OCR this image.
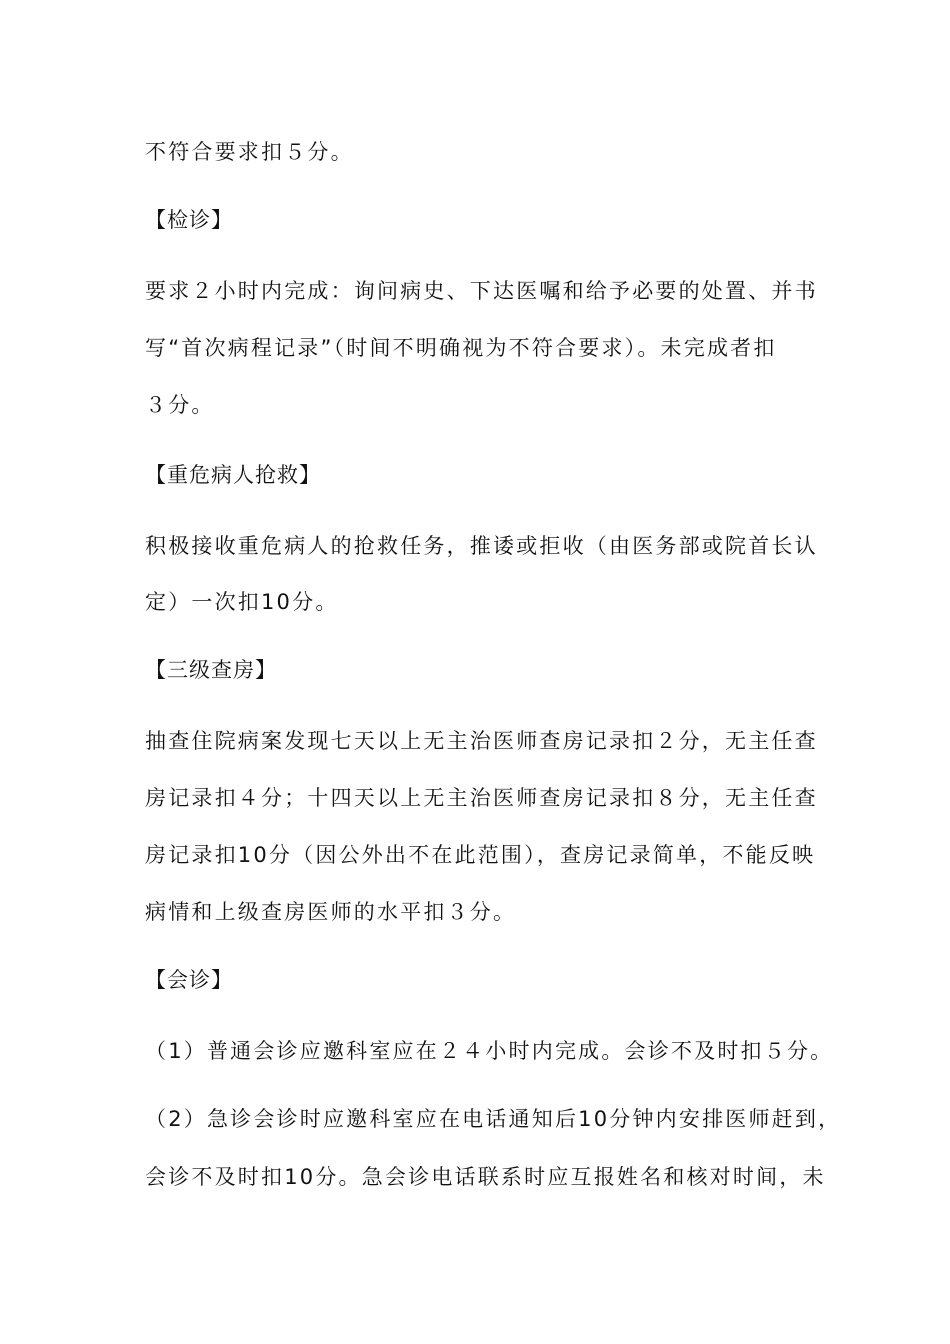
不符合要求扣５分。
【检诊】
要求２小时内完成：询问病史、下达医嘱和给予必要的处置、并书
写“首次病程记录”（时间不明确视为不符合要求）。未完成者扣
３分。
【重危病人抢救】
积极接收重危病人的抢救任务，推诿或拒收（由医务部或院首长认
定）一次扣10分。
【三级查房】
抽查住院病案发现七天以上无主治医师查房记录扣２分，无主任查
房记录扣４分；十四天以上无主治医师查房记录扣８分，无主任查
房记录扣10分（因公外出不在此范围），查房记录简单，不能反映
病情和上级查房医师的水平扣３分。
【会诊】
（1）普通会诊应邀科室应在２４小时内完成。会诊不及时扣５分。
（2）急诊会诊时应邀科室应在电话通知后10分钟内安排医师赶到，
会诊不及时扣10分。急会诊电话联系时应互报姓名和核对时间，未
